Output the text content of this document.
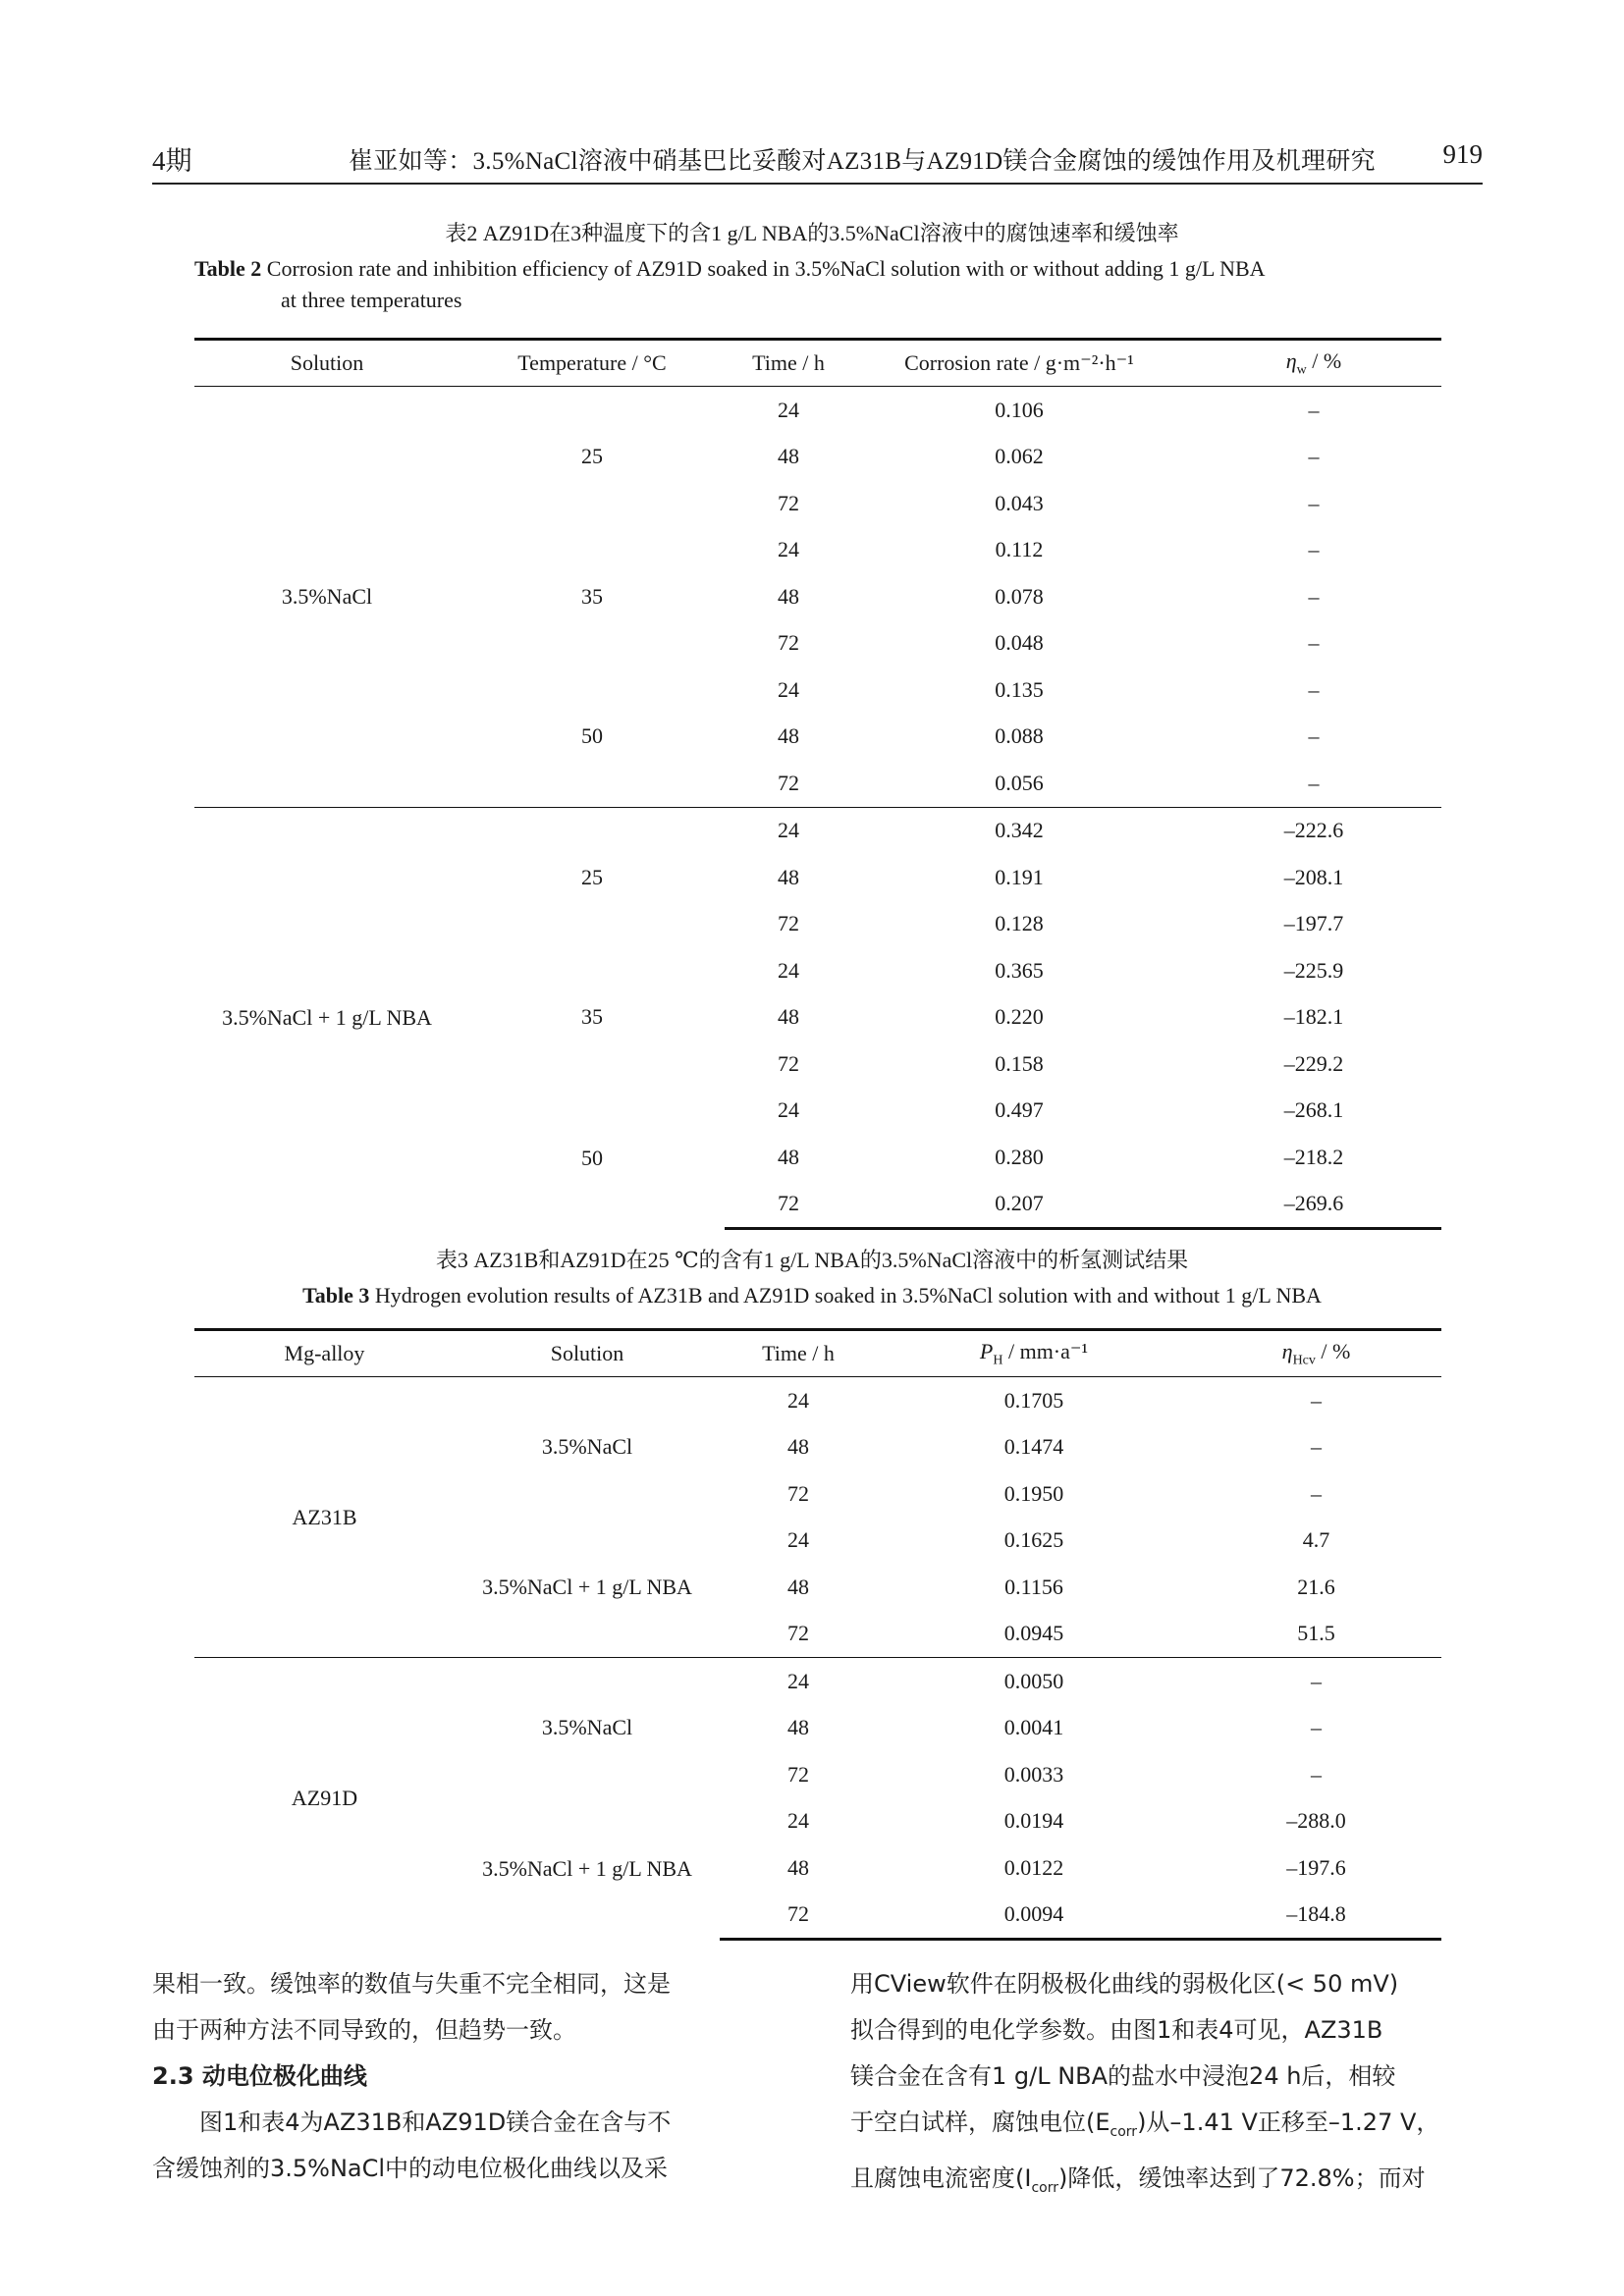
4期	崔亚如等：3.5%NaCl溶液中硝基巴比妥酸对AZ31B与AZ91D镁合金腐蚀的缓蚀作用及机理研究	919
表2 AZ91D在3种温度下的含1 g/L NBA的3.5%NaCl溶液中的腐蚀速率和缓蚀率
Table 2 Corrosion rate and inhibition efficiency of AZ91D soaked in 3.5%NaCl solution with or without adding 1 g/L NBA
at three temperatures
Solution	Temperature / °C	Time / h	Corrosion rate / g·m⁻²·h⁻¹	$\eta_w$ / %
3.5%NaCl	25	24	0.106	–
		48	0.062	–
		72	0.043	–
	35	24	0.112	–
		48	0.078	–
		72	0.048	–
	50	24	0.135	–
		48	0.088	–
		72	0.056	–
3.5%NaCl + 1 g/L NBA	25	24	0.342	–222.6
		48	0.191	–208.1
		72	0.128	–197.7
	35	24	0.365	–225.9
		48	0.220	–182.1
		72	0.158	–229.2
	50	24	0.497	–268.1
		48	0.280	–218.2
		72	0.207	–269.6
表3 AZ31B和AZ91D在25 ℃的含有1 g/L NBA的3.5%NaCl溶液中的析氢测试结果
Table 3 Hydrogen evolution results of AZ31B and AZ91D soaked in 3.5%NaCl solution with and without 1 g/L NBA
Mg-alloy	Solution	Time / h	$P_H / mm\cdot a^{-1}$	$\eta_{Hcv}$ / %
AZ31B	3.5%NaCl	24	0.1705	–
		48	0.1474	–
		72	0.1950	–
	3.5%NaCl + 1 g/L NBA	24	0.1625	4.7
		48	0.1156	21.6
		72	0.0945	51.5
AZ91D	3.5%NaCl	24	0.0050	–
		48	0.0041	–
		72	0.0033	–
	3.5%NaCl + 1 g/L NBA	24	0.0194	–288.0
		48	0.0122	–197.6
		72	0.0094	–184.8

果相一致。缓蚀率的数值与失重不完全相同，这是

由于两种方法不同导致的，但趋势一致。

2.3 动电位极化曲线

图1和表4为AZ31B和AZ91D镁合金在含与不

含缓蚀剂的3.5%NaCl中的动电位极化曲线以及采

用CView软件在阴极极化曲线的弱极化区(< 50 mV)

拟合得到的电化学参数。由图1和表4可见，AZ31B

镁合金在含有1 g/L NBA的盐水中浸泡24 h后，相较

于空白试样，腐蚀电位$(E_{corr})$从–1.41 V正移至–1.27 V，

且腐蚀电流密度$(I_{corr})$降低，缓蚀率达到了72.8%；而对
